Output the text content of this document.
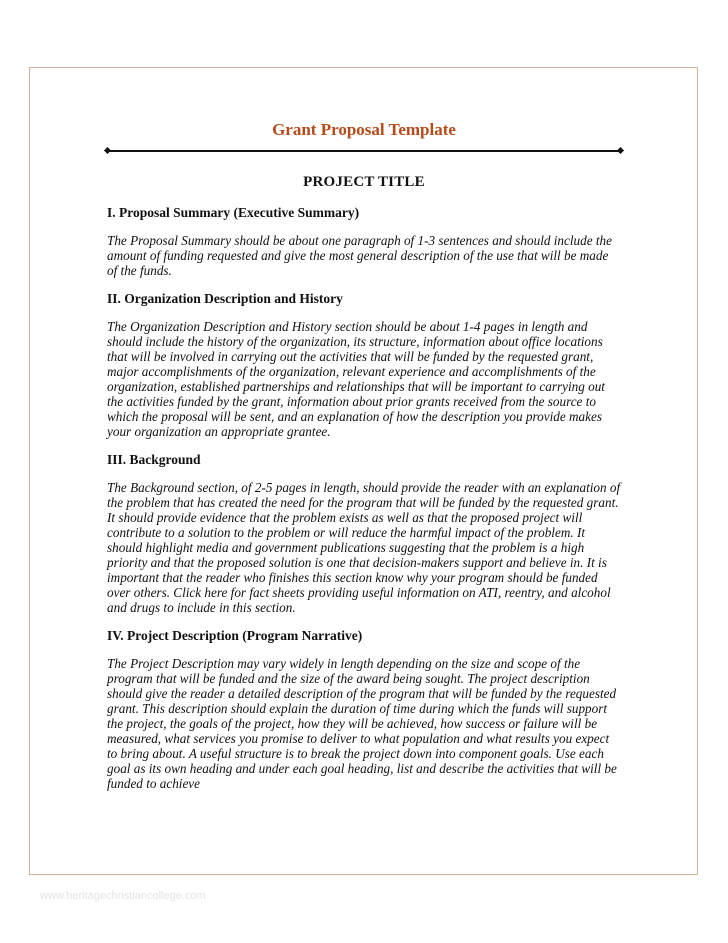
Grant Proposal Template
PROJECT TITLE
I. Proposal Summary (Executive Summary)

The Proposal Summary should be about one paragraph of 1-3 sentences and should include the amount of funding requested and give the most general description of the use that will be made of the funds.

II. Organization Description and History

The Organization Description and History section should be about 1-4 pages in length and should include the history of the organization, its structure, information about office locations that will be involved in carrying out the activities that will be funded by the requested grant, major accomplishments of the organization, relevant experience and accomplishments of the organization, established partnerships and relationships that will be important to carrying out the activities funded by the grant, information about prior grants received from the source to which the proposal will be sent, and an explanation of how the description you provide makes your organization an appropriate grantee.

III. Background

The Background section, of 2-5 pages in length, should provide the reader with an explanation of the problem that has created the need for the program that will be funded by the requested grant. It should provide evidence that the problem exists as well as that the proposed project will contribute to a solution to the problem or will reduce the harmful impact of the problem. It should highlight media and government publications suggesting that the problem is a high priority and that the proposed solution is one that decision-makers support and believe in. It is important that the reader who finishes this section know why your program should be funded over others. Click here for fact sheets providing useful information on ATI, reentry, and alcohol and drugs to include in this section.

IV. Project Description (Program Narrative)

The Project Description may vary widely in length depending on the size and scope of the program that will be funded and the size of the award being sought. The project description should give the reader a detailed description of the program that will be funded by the requested grant. This description should explain the duration of time during which the funds will support the project, the goals of the project, how they will be achieved, how success or failure will be measured, what services you promise to deliver to what population and what results you expect to bring about. A useful structure is to break the project down into component goals. Use each goal as its own heading and under each goal heading, list and describe the activities that will be funded to achieve

www.heritagechristiancollege.com
